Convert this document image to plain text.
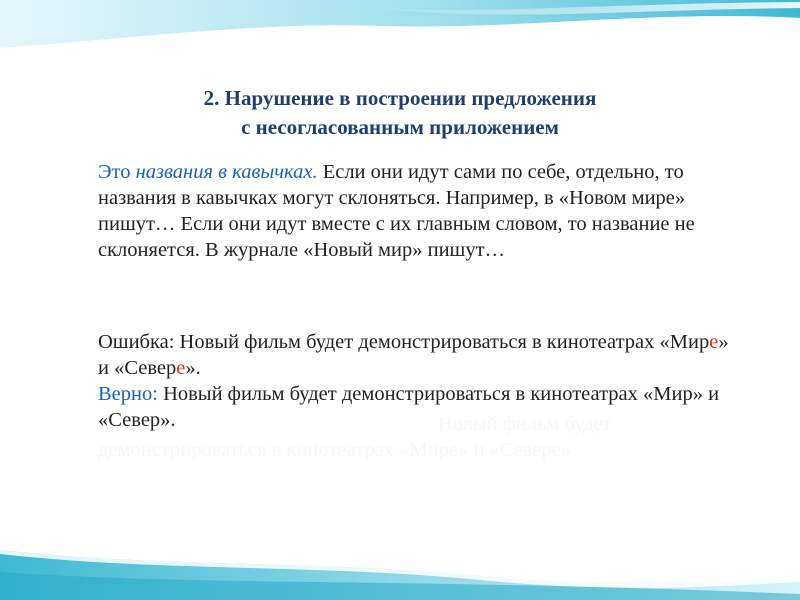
2. Нарушение в построении предложения
с несогласованным приложением

Это названия в кавычках. Если они идут сами по себе, отдельно, то названия в кавычках могут склоняться. Например, в «Новом мире» пишут… Если они идут вместе с их главным словом, то название не склоняется. В журнале «Новый мир» пишут…

Ошибка: Новый фильм будет демонстрироваться в кинотеатрах «Мире» и «Севере».
Верно: Новый фильм будет демонстрироваться в кинотеатрах «Мир» и «Север».	Новый фильм будет демонстрироваться в кинотеатрах «Мире» и «Севере»
